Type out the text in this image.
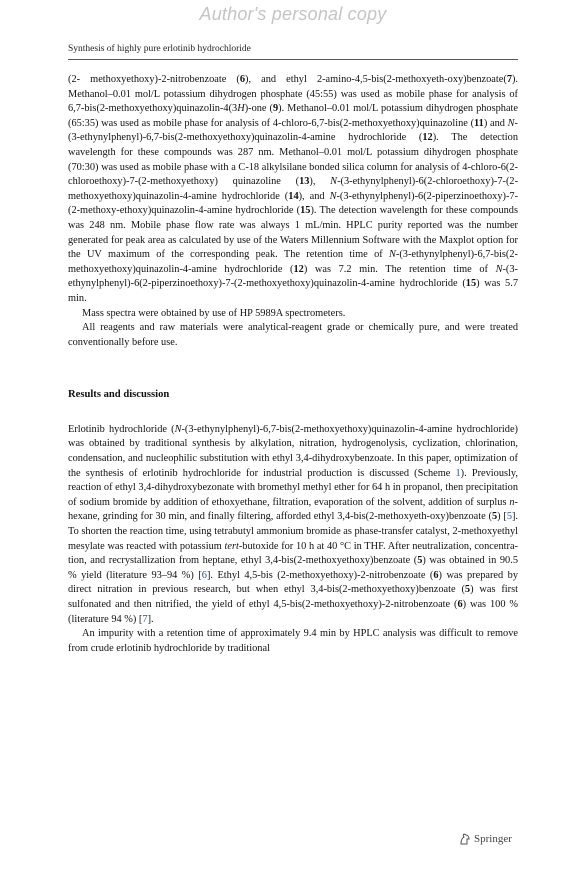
Author's personal copy
Synthesis of highly pure erlotinib hydrochloride

(2- methoxyethoxy)-2-nitrobenzoate (6), and ethyl 2-amino-4,5-bis(2-methoxyeth-oxy)benzoate(7). Methanol–0.01 mol/L potassium dihydrogen phosphate (45:55) was used as mobile phase for analysis of 6,7-bis(2-methoxyethoxy)quinazolin-4(3H)-one (9). Methanol–0.01 mol/L potassium dihydrogen phosphate (65:35) was used as mobile phase for analysis of 4-chloro-6,7-bis(2-methoxyethoxy)quinazoline (11) and N-(3-ethynylphenyl)-6,7-bis(2-methoxyethoxy)quinazolin-4-amine hydrochloride (12). The detection wavelength for these compounds was 287 nm. Methanol–0.01 mol/L potassium dihydrogen phosphate (70:30) was used as mobile phase with a C-18 alkylsilane bonded silica column for analysis of 4-chloro-6(2-chloroethoxy)-7-(2-methoxyethoxy) quinazoline (13), N-(3-ethynylphenyl)-6(2-chloroethoxy)-7-(2-methoxyethoxy)quinazolin-4-amine hydrochloride (14), and N-(3-ethynylphenyl)-6(2-piperzinoethoxy)-7-(2-methoxy-ethoxy)quinazolin-4-amine hydrochloride (15). The detection wavelength for these compounds was 248 nm. Mobile phase flow rate was always 1 mL/min. HPLC purity reported was the number generated for peak area as calculated by use of the Waters Millennium Software with the Maxplot option for the UV maximum of the corresponding peak. The retention time of N-(3-ethynylphenyl)-6,7-bis(2-methoxyethoxy)quinazolin-4-amine hydrochloride (12) was 7.2 min. The retention time of N-(3-ethynylphenyl)-6(2-piperzinoethoxy)-7-(2-methoxyethoxy)quinazolin-4-amine hydrochloride (15) was 5.7 min.

Mass spectra were obtained by use of HP 5989A spectrometers.

All reagents and raw materials were analytical-reagent grade or chemically pure, and were treated conventionally before use.

Results and discussion

Erlotinib hydrochloride (N-(3-ethynylphenyl)-6,7-bis(2-methoxyethoxy)quinazolin-4-amine hydrochloride) was obtained by traditional synthesis by alkylation, nitration, hydrogenolysis, cyclization, chlorination, condensation, and nucleophilic substitution with ethyl 3,4-dihydroxybenzoate. In this paper, optimization of the synthesis of erlotinib hydrochloride for industrial production is discussed (Scheme 1). Previously, reaction of ethyl 3,4-dihydroxybezonate with bromethyl methyl ether for 64 h in propanol, then precipitation of sodium bromide by addition of ethoxyethane, filtration, evaporation of the solvent, addition of surplus n-hexane, grinding for 30 min, and finally filtering, afforded ethyl 3,4-bis(2-methoxyeth-oxy)benzoate (5) [5]. To shorten the reaction time, using tetrabutyl ammonium bromide as phase-transfer catalyst, 2-methoxyethyl mesylate was reacted with potassium tert-butoxide for 10 h at 40 °C in THF. After neutralization, concentra-tion, and recrystallization from heptane, ethyl 3,4-bis(2-methoxyethoxy)benzoate (5) was obtained in 90.5 % yield (literature 93–94 %) [6]. Ethyl 4,5-bis (2-methoxyethoxy)-2-nitrobenzoate (6) was prepared by direct nitration in previous research, but when ethyl 3,4-bis(2-methoxyethoxy)benzoate (5) was first sulfonated and then nitrified, the yield of ethyl 4,5-bis(2-methoxyethoxy)-2-nitrobenzoate (6) was 100 % (literature 94 %) [7].

An impurity with a retention time of approximately 9.4 min by HPLC analysis was difficult to remove from crude erlotinib hydrochloride by traditional

Springer
